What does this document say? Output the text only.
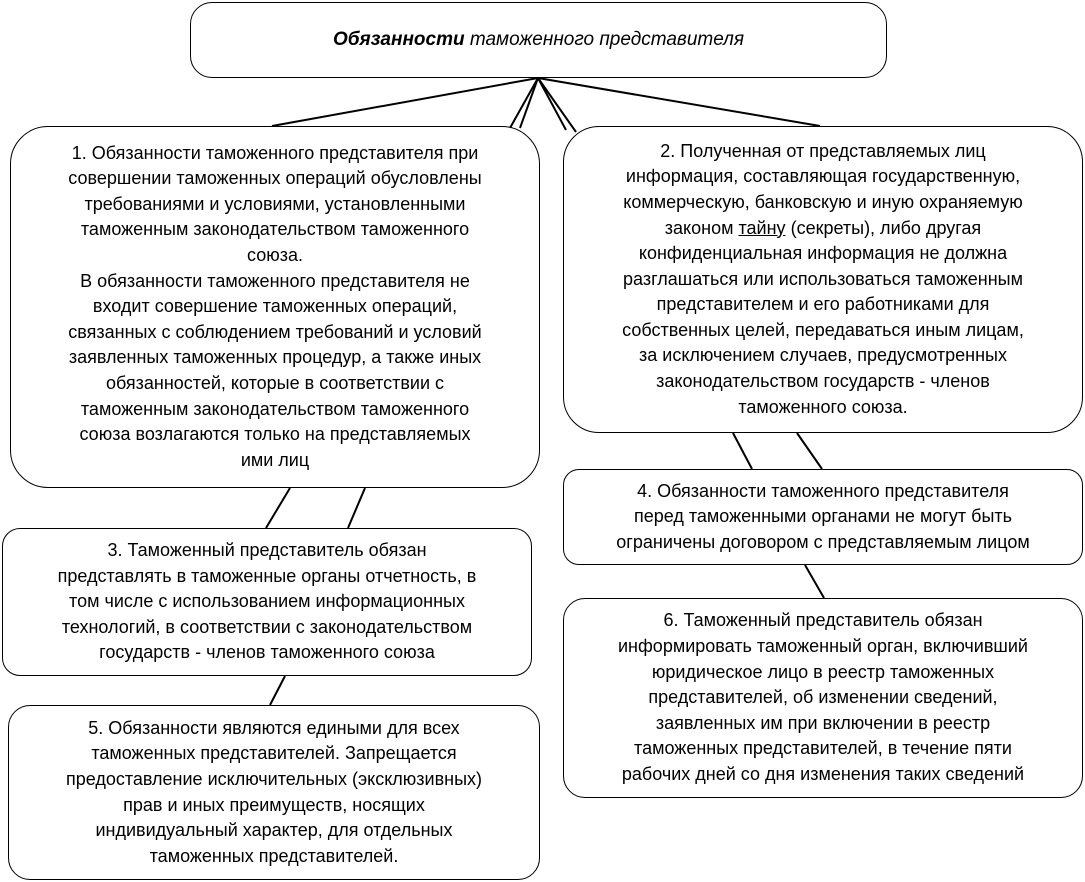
Обязанности таможенного представителя
1. Обязанности таможенного представителя при
совершении таможенных операций обусловлены
требованиями и условиями, установленными
таможенным законодательством таможенного
союза.
В обязанности таможенного представителя не
входит совершение таможенных операций,
связанных с соблюдением требований и условий
заявленных таможенных процедур, а также иных
обязанностей, которые в соответствии с
таможенным законодательством таможенного
союза возлагаются только на представляемых
ими лиц
2. Полученная от представляемых лиц
информация, составляющая государственную,
коммерческую, банковскую и иную охраняемую
законом тайну (секреты), либо другая
конфиденциальная информация не должна
разглашаться или использоваться таможенным
представителем и его работниками для
собственных целей, передаваться иным лицам,
за исключением случаев, предусмотренных
законодательством государств - членов
таможенного союза.
3. Таможенный представитель обязан
представлять в таможенные органы отчетность, в
том числе с использованием информационных
технологий, в соответствии с законодательством
государств - членов таможенного союза
4. Обязанности таможенного представителя
перед таможенными органами не могут быть
ограничены договором с представляемым лицом
5. Обязанности являются едиными для всех
таможенных представителей. Запрещается
предоставление исключительных (эксклюзивных)
прав и иных преимуществ, носящих
индивидуальный характер, для отдельных
таможенных представителей.
6. Таможенный представитель обязан
информировать таможенный орган, включивший
юридическое лицо в реестр таможенных
представителей, об изменении сведений,
заявленных им при включении в реестр
таможенных представителей, в течение пяти
рабочих дней со дня изменения таких сведений
